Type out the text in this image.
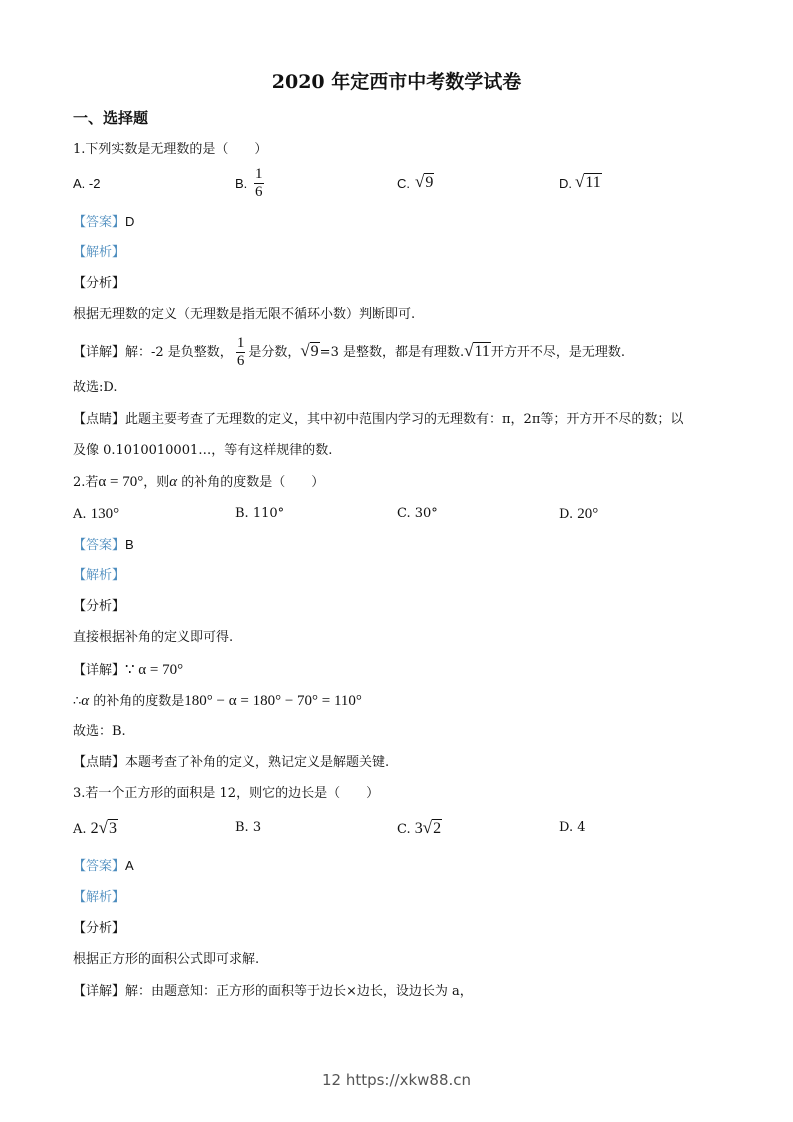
2020 年定西市中考数学试卷
一、选择题
1.下列实数是无理数的是（　　）
A. -2	B. $\frac{1}{6}$	C. √9	D. √11
【答案】D
【解析】
【分析】
根据无理数的定义（无理数是指无限不循环小数）判断即可.
【详解】解：-2 是负整数， $\frac{1}{6}$ 是分数，√9=3 是整数，都是有理数.√11开方开不尽，是无理数.
故选:D.
【点睛】此题主要考查了无理数的定义，其中初中范围内学习的无理数有：π，2π等；开方开不尽的数；以
及像 0.1010010001…，等有这样规律的数.
2.若α = 70°，则α 的补角的度数是（　　）
A. 130°	B. 110°	C. 30°	D. 20°
【答案】B
【解析】
【分析】
直接根据补角的定义即可得.
【详解】∵ α = 70°
∴α 的补角的度数是180° − α = 180° − 70° = 110°
故选：B.
【点睛】本题考查了补角的定义，熟记定义是解题关键.
3.若一个正方形的面积是 12，则它的边长是（　　）
A. 2√3	B. 3	C. 3√2	D. 4
【答案】A
【解析】
【分析】
根据正方形的面积公式即可求解.
【详解】解：由题意知：正方形的面积等于边长×边长，设边长为 a，
12 https://xkw88.cn
